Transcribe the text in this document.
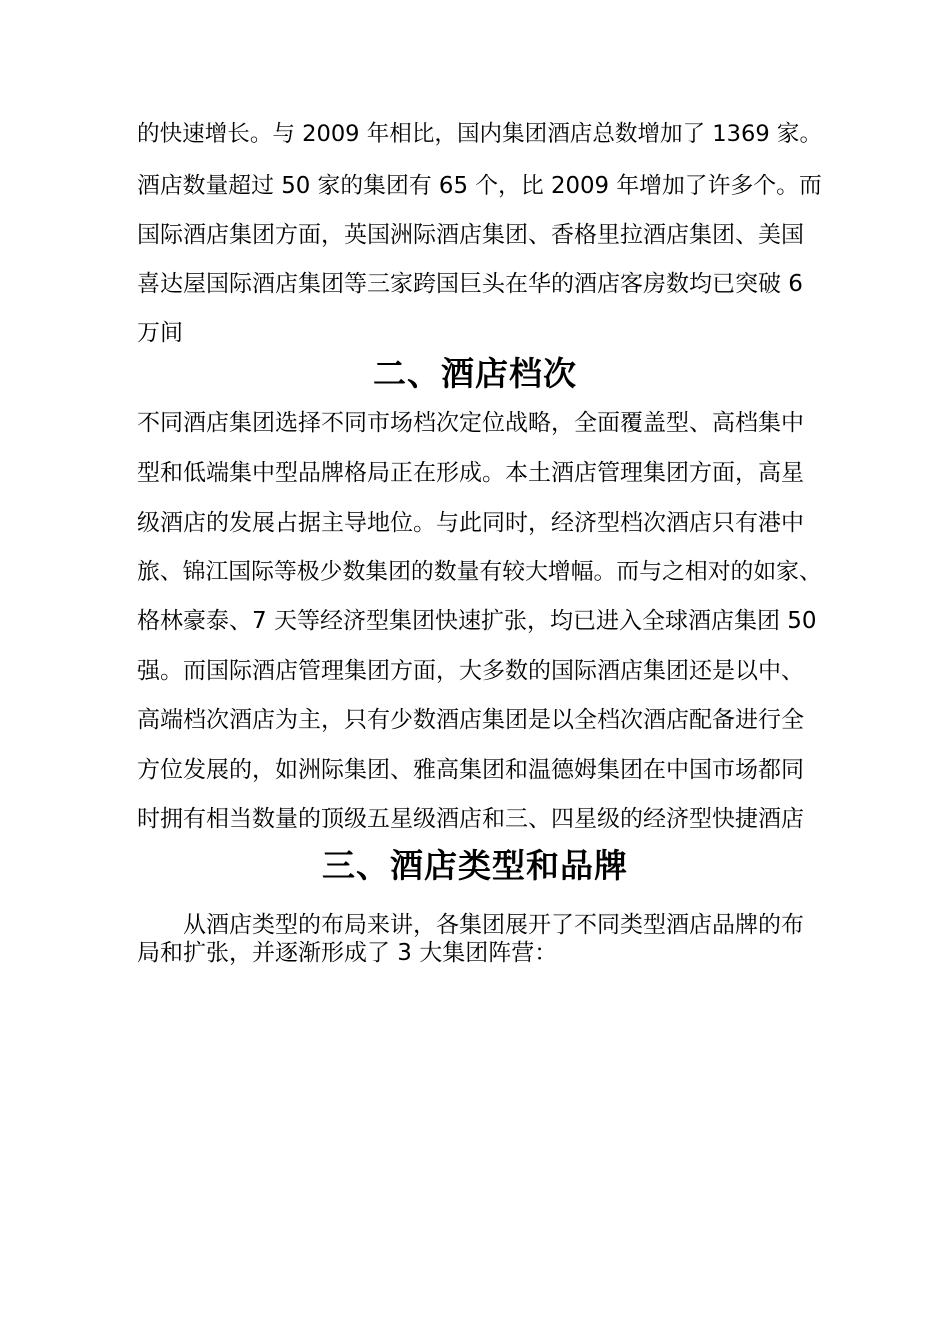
的快速增长。与 2009 年相比，国内集团酒店总数增加了 1369 家。
酒店数量超过 50 家的集团有 65 个，比 2009 年增加了许多个。而
国际酒店集团方面，英国洲际酒店集团、香格里拉酒店集团、美国
喜达屋国际酒店集团等三家跨国巨头在华的酒店客房数均已突破 6
万间
二、酒店档次
不同酒店集团选择不同市场档次定位战略，全面覆盖型、高档集中
型和低端集中型品牌格局正在形成。本土酒店管理集团方面，高星
级酒店的发展占据主导地位。与此同时，经济型档次酒店只有港中
旅、锦江国际等极少数集团的数量有较大增幅。而与之相对的如家、
格林豪泰、7 天等经济型集团快速扩张，均已进入全球酒店集团 50
强。而国际酒店管理集团方面，大多数的国际酒店集团还是以中、
高端档次酒店为主，只有少数酒店集团是以全档次酒店配备进行全
方位发展的，如洲际集团、雅高集团和温德姆集团在中国市场都同
时拥有相当数量的顶级五星级酒店和三、四星级的经济型快捷酒店
三、酒店类型和品牌
从酒店类型的布局来讲，各集团展开了不同类型酒店品牌的布
局和扩张，并逐渐形成了 3 大集团阵营：
